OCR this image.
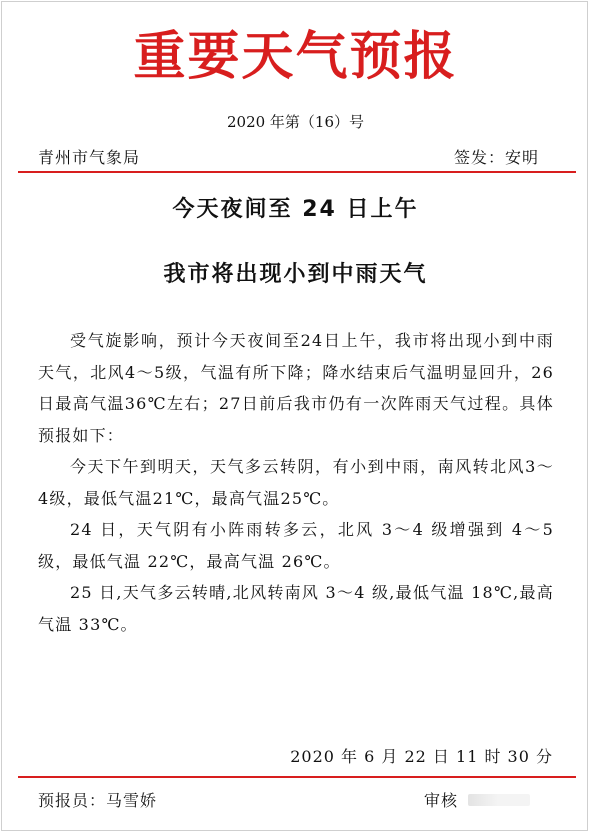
重要天气预报
2020 年第（16）号
青州市气象局	签发：安明
今天夜间至 24 日上午
我市将出现小到中雨天气

受气旋影响，预计今天夜间至24日上午，我市将出现小到中雨天气，北风4～5级，气温有所下降；降水结束后气温明显回升，26日最高气温36℃左右；27日前后我市仍有一次阵雨天气过程。具体预报如下：

今天下午到明天，天气多云转阴，有小到中雨，南风转北风3～4级，最低气温21℃，最高气温25℃。

24 日，天气阴有小阵雨转多云，北风 3～4 级增强到 4～5 级，最低气温 22℃，最高气温 26℃。

25 日,天气多云转晴,北风转南风 3～4 级,最低气温 18℃,最高气温 33℃。

2020 年 6 月 22 日 11 时 30 分
预报员：马雪娇	审核
